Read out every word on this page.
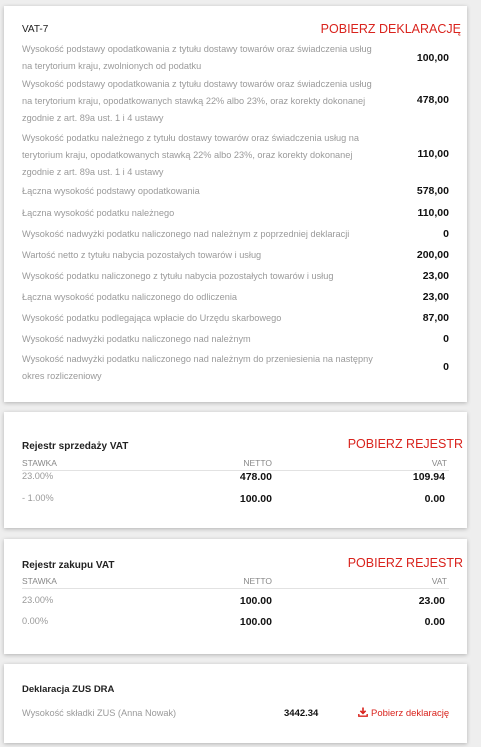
VAT-7	POBIERZ DEKLARACJĘ
Wysokość podstawy opodatkowania z tytułu dostawy towarów oraz świadczenia usług na terytorium kraju, zwolnionych od podatku
100,00
Wysokość podstawy opodatkowania z tytułu dostawy towarów oraz świadczenia usług na terytorium kraju, opodatkowanych stawką 22% albo 23%, oraz korekty dokonanej zgodnie z art. 89a ust. 1 i 4 ustawy
478,00
Wysokość podatku należnego z tytułu dostawy towarów oraz świadczenia usług na terytorium kraju, opodatkowanych stawką 22% albo 23%, oraz korekty dokonanej zgodnie z art. 89a ust. 1 i 4 ustawy
110,00
Łączna wysokość podstawy opodatkowania	578,00
Łączna wysokość podatku należnego	110,00
Wysokość nadwyżki podatku naliczonego nad należnym z poprzedniej deklaracji	0
Wartość netto z tytułu nabycia pozostałych towarów i usług	200,00
Wysokość podatku naliczonego z tytułu nabycia pozostałych towarów i usług	23,00
Łączna wysokość podatku naliczonego do odliczenia	23,00
Wysokość podatku podlegająca wpłacie do Urzędu skarbowego	87,00
Wysokość nadwyżki podatku naliczonego nad należnym	0
Wysokość nadwyżki podatku naliczonego nad należnym do przeniesienia na następny okres rozliczeniowy
0
Rejestr sprzedaży VAT	POBIERZ REJESTR
STAWKA	NETTO	VAT
23.00%	478.00	109.94
- 1.00%	100.00	0.00
Rejestr zakupu VAT	POBIERZ REJESTR
STAWKA	NETTO	VAT
23.00%	100.00	23.00
0.00%	100.00	0.00
Deklaracja ZUS DRA
Wysokość składki ZUS (Anna Nowak)	3442.34	Pobierz deklarację
